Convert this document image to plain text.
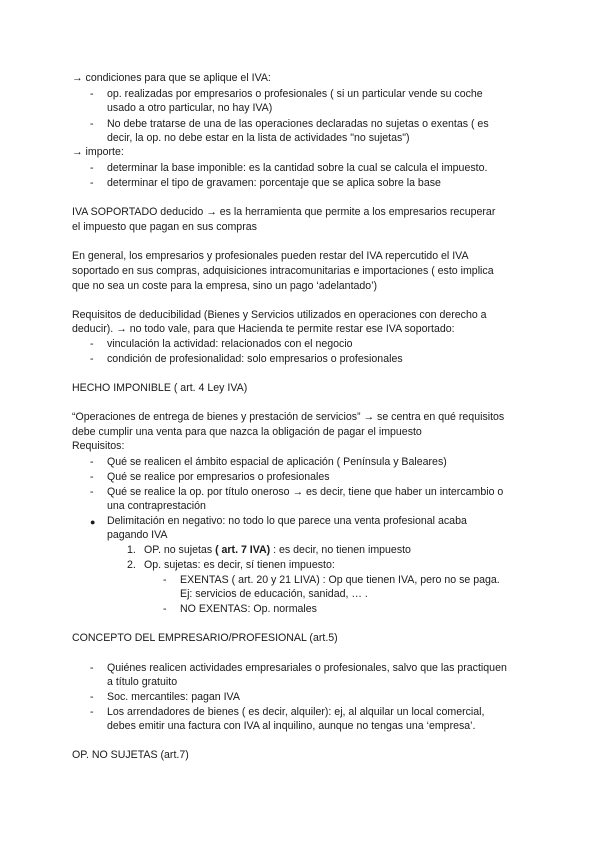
→ condiciones para que se aplique el IVA:
- op. realizadas por empresarios o profesionales ( si un particular vende su coche
usado a otro particular, no hay IVA)
- No debe tratarse de una de las operaciones declaradas no sujetas o exentas ( es
decir, la op. no debe estar en la lista de actividades "no sujetas")
→ importe:
- determinar la base imponible: es la cantidad sobre la cual se calcula el impuesto.
- determinar el tipo de gravamen: porcentaje que se aplica sobre la base
IVA SOPORTADO deducido → es la herramienta que permite a los empresarios recuperar
el impuesto que pagan en sus compras
En general, los empresarios y profesionales pueden restar del IVA repercutido el IVA
soportado en sus compras, adquisiciones intracomunitarias e importaciones ( esto implica
que no sea un coste para la empresa, sino un pago ‘adelantado’)
Requisitos de deducibilidad (Bienes y Servicios utilizados en operaciones con derecho a
deducir). → no todo vale, para que Hacienda te permite restar ese IVA soportado:
- vinculación la actividad: relacionados con el negocio
- condición de profesionalidad: solo empresarios o profesionales
HECHO IMPONIBLE ( art. 4 Ley IVA)
“Operaciones de entrega de bienes y prestación de servicios” → se centra en qué requisitos
debe cumplir una venta para que nazca la obligación de pagar el impuesto
Requisitos:
- Qué se realicen el ámbito espacial de aplicación ( Península y Baleares)
- Qué se realice por empresarios o profesionales
- Qué se realice la op. por título oneroso → es decir, tiene que haber un intercambio o
una contraprestación
● Delimitación en negativo: no todo lo que parece una venta profesional acaba
pagando IVA
1. OP. no sujetas ( art. 7 IVA) : es decir, no tienen impuesto
2. Op. sujetas: es decir, sí tienen impuesto:
- EXENTAS ( art. 20 y 21 LIVA) : Op que tienen IVA, pero no se paga.
Ej: servicios de educación, sanidad, … .
- NO EXENTAS: Op. normales
CONCEPTO DEL EMPRESARIO/PROFESIONAL (art.5)
- Quiénes realicen actividades empresariales o profesionales, salvo que las practiquen
a título gratuito
- Soc. mercantiles: pagan IVA
- Los arrendadores de bienes ( es decir, alquiler): ej, al alquilar un local comercial,
debes emitir una factura con IVA al inquilino, aunque no tengas una ‘empresa’.
OP. NO SUJETAS (art.7)
